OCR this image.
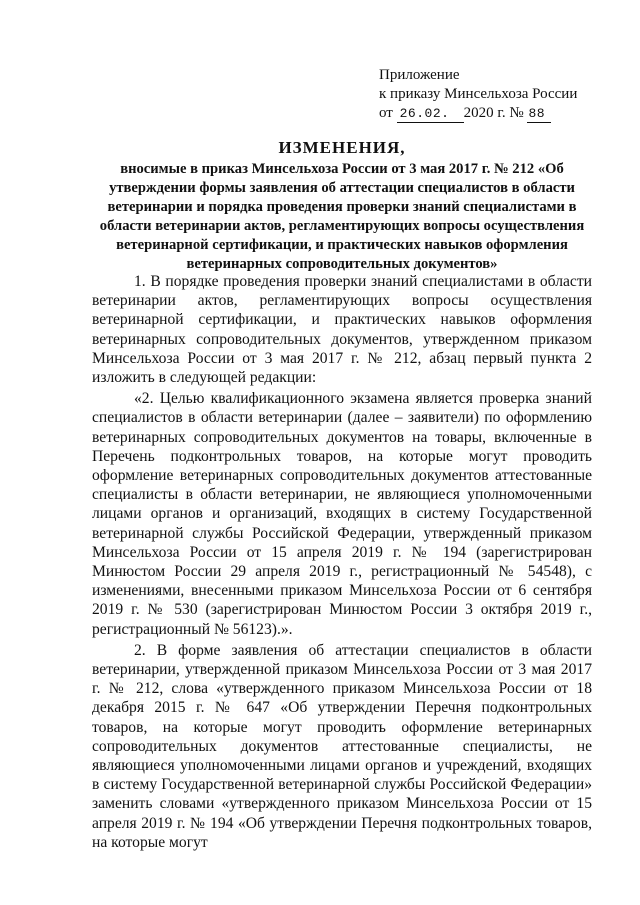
Приложение
к приказу Минсельхоза России
от 26.02. 2020 г. № 88
ИЗМЕНЕНИЯ,
вносимые в приказ Минсельхоза России от 3 мая 2017 г. № 212 «Об утверждении формы заявления об аттестации специалистов в области ветеринарии и порядка проведения проверки знаний специалистами в области ветеринарии актов, регламентирующих вопросы осуществления ветеринарной сертификации, и практических навыков оформления ветеринарных сопроводительных документов»

1. В порядке проведения проверки знаний специалистами в области ветеринарии актов, регламентирующих вопросы осуществления ветеринарной сертификации, и практических навыков оформления ветеринарных сопроводительных документов, утвержденном приказом Минсельхоза России от 3 мая 2017 г. № 212, абзац первый пункта 2 изложить в следующей редакции:

«2. Целью квалификационного экзамена является проверка знаний специалистов в области ветеринарии (далее – заявители) по оформлению ветеринарных сопроводительных документов на товары, включенные в Перечень подконтрольных товаров, на которые могут проводить оформление ветеринарных сопроводительных документов аттестованные специалисты в области ветеринарии, не являющиеся уполномоченными лицами органов и организаций, входящих в систему Государственной ветеринарной службы Российской Федерации, утвержденный приказом Минсельхоза России от 15 апреля 2019 г. № 194 (зарегистрирован Минюстом России 29 апреля 2019 г., регистрационный № 54548), с изменениями, внесенными приказом Минсельхоза России от 6 сентября 2019 г. № 530 (зарегистрирован Минюстом России 3 октября 2019 г., регистрационный № 56123).».

2. В форме заявления об аттестации специалистов в области ветеринарии, утвержденной приказом Минсельхоза России от 3 мая 2017 г. № 212, слова «утвержденного приказом Минсельхоза России от 18 декабря 2015 г. № 647 «Об утверждении Перечня подконтрольных товаров, на которые могут проводить оформление ветеринарных сопроводительных документов аттестованные специалисты, не являющиеся уполномоченными лицами органов и учреждений, входящих в систему Государственной ветеринарной службы Российской Федерации» заменить словами «утвержденного приказом Минсельхоза России от 15 апреля 2019 г. № 194 «Об утверждении Перечня подконтрольных товаров, на которые могут
